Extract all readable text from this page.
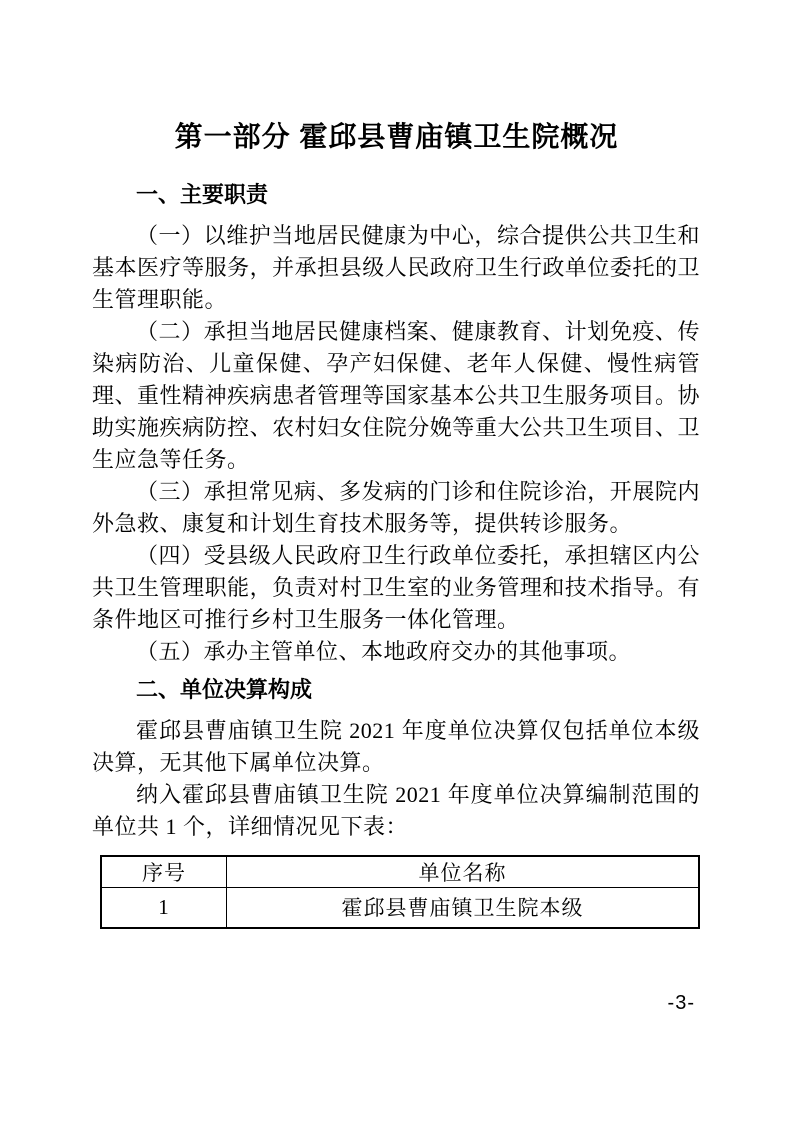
第一部分 霍邱县曹庙镇卫生院概况
一、主要职责

（一）以维护当地居民健康为中心，综合提供公共卫生和基本医疗等服务，并承担县级人民政府卫生行政单位委托的卫生管理职能。

（二）承担当地居民健康档案、健康教育、计划免疫、传染病防治、儿童保健、孕产妇保健、老年人保健、慢性病管理、重性精神疾病患者管理等国家基本公共卫生服务项目。协助实施疾病防控、农村妇女住院分娩等重大公共卫生项目、卫生应急等任务。

（三）承担常见病、多发病的门诊和住院诊治，开展院内外急救、康复和计划生育技术服务等，提供转诊服务。

（四）受县级人民政府卫生行政单位委托，承担辖区内公共卫生管理职能，负责对村卫生室的业务管理和技术指导。有条件地区可推行乡村卫生服务一体化管理。

（五）承办主管单位、本地政府交办的其他事项。

二、单位决算构成

霍邱县曹庙镇卫生院 2021 年度单位决算仅包括单位本级决算，无其他下属单位决算。

纳入霍邱县曹庙镇卫生院 2021 年度单位决算编制范围的单位共 1 个，详细情况见下表：

序号	单位名称
1	霍邱县曹庙镇卫生院本级
-3-
